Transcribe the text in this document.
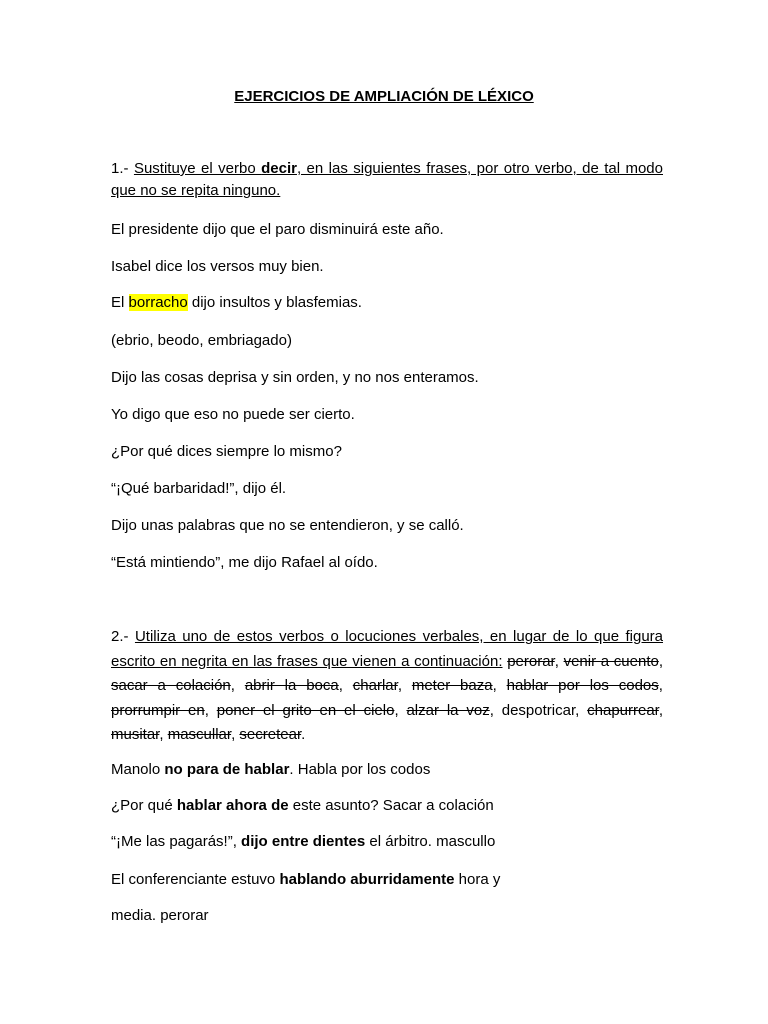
EJERCICIOS DE AMPLIACIÓN DE LÉXICO
1.- Sustituye el verbo decir, en las siguientes frases, por otro verbo, de tal modo que no se repita ninguno.
El presidente dijo que el paro disminuirá este año.
Isabel dice los versos muy bien.
El borracho dijo insultos y blasfemias.
(ebrio, beodo, embriagado)
Dijo las cosas deprisa y sin orden, y no nos enteramos.
Yo digo que eso no puede ser cierto.
¿Por qué dices siempre lo mismo?
“¡Qué barbaridad!”, dijo él.
Dijo unas palabras que no se entendieron, y se calló.
“Está mintiendo”, me dijo Rafael al oído.
2.- Utiliza uno de estos verbos o locuciones verbales, en lugar de lo que figura escrito en negrita en las frases que vienen a continuación: perorar, venir a cuento, sacar a colación, abrir la boca, charlar, meter baza, hablar por los codos, prorrumpir en, poner el grito en el cielo, alzar la voz, despotricar, chapurrear, musitar, mascullar, secretear.
Manolo no para de hablar. Habla por los codos
¿Por qué hablar ahora de este asunto? Sacar a colación
“¡Me las pagarás!”, dijo entre dientes el árbitro. mascullo
El conferenciante estuvo hablando aburridamente hora y
media. perorar
